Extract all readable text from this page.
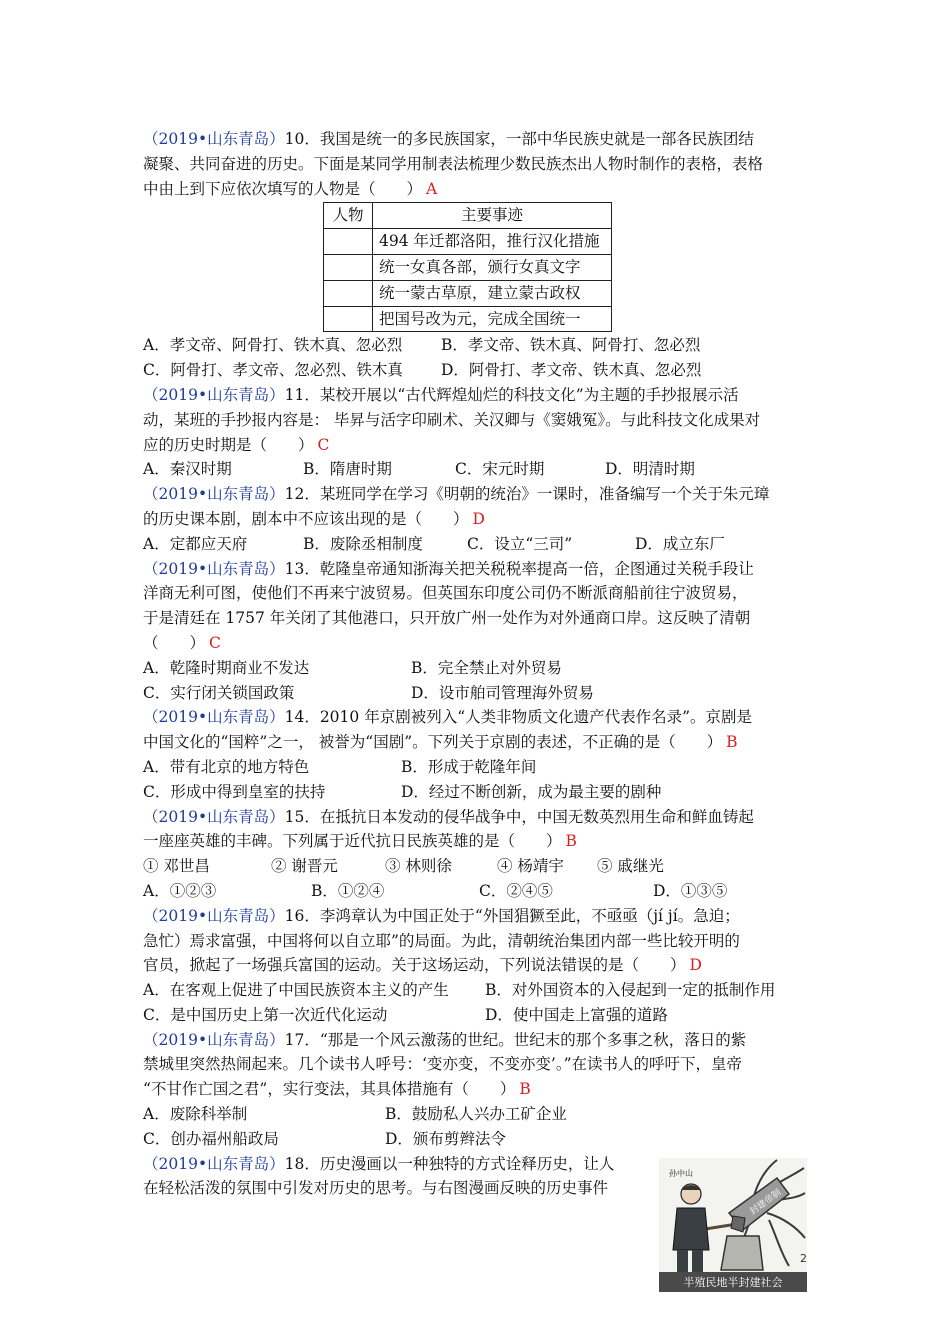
（2019•山东青岛）10．我国是统一的多民族国家，一部中华民族史就是一部各民族团结
凝聚、共同奋进的历史。下面是某同学用制表法梳理少数民族杰出人物时制作的表格，表格
中由上到下应依次填写的人物是（　　） A
人物	主要事迹
	494 年迁都洛阳，推行汉化措施
	统一女真各部，颁行女真文字
	统一蒙古草原，建立蒙古政权
	把国号改为元，完成全国统一
A．孝文帝、阿骨打、铁木真、忽必烈	B．孝文帝、铁木真、阿骨打、忽必烈
C．阿骨打、孝文帝、忽必烈、铁木真 D．阿骨打、孝文帝、铁木真、忽必烈
（2019•山东青岛）11．某校开展以“古代辉煌灿烂的科技文化”为主题的手抄报展示活
动，某班的手抄报内容是： 毕昇与活字印刷术、关汉卿与《窦娥冤》。与此科技文化成果对
应的历史时期是（　　） C
A．秦汉时期	B．隋唐时期	C．宋元时期	D．明清时期
（2019•山东青岛）12．某班同学在学习《明朝的统治》一课时，准备编写一个关于朱元璋
的历史课本剧，剧本中不应该出现的是（　　） D
A．定都应天府	B．废除丞相制度	C．设立“三司”	D．成立东厂
（2019•山东青岛）13．乾隆皇帝通知浙海关把关税税率提高一倍，企图通过关税手段让
洋商无利可图，使他们不再来宁波贸易。但英国东印度公司仍不断派商船前往宁波贸易，
于是清廷在 1757 年关闭了其他港口，只开放广州一处作为对外通商口岸。这反映了清朝
（　　） C
A．乾隆时期商业不发达	B．完全禁止对外贸易
C．实行闭关锁国政策	D．设市舶司管理海外贸易
（2019•山东青岛）14．2010 年京剧被列入“人类非物质文化遗产代表作名录”。京剧是
中国文化的“国粹”之一， 被誉为“国剧”。下列关于京剧的表述，不正确的是（　　） B
A．带有北京的地方特色	B．形成于乾隆年间
C．形成中得到皇室的扶持	D．经过不断创新，成为最主要的剧种
（2019•山东青岛）15．在抵抗日本发动的侵华战争中，中国无数英烈用生命和鲜血铸起
一座座英雄的丰碑。下列属于近代抗日民族英雄的是（　　） B
① 邓世昌	② 谢晋元	③ 林则徐	④ 杨靖宇 ⑤ 戚继光
A．①②③	B．①②④	C．②④⑤	D．①③⑤
（2019•山东青岛）16．李鸿章认为中国正处于“外国猖獗至此，不亟亟（jí jí。急迫；
急忙）焉求富强，中国将何以自立耶”的局面。为此，清朝统治集团内部一些比较开明的
官员，掀起了一场强兵富国的运动。关于这场运动，下列说法错误的是（　　） D
A．在客观上促进了中国民族资本主义的产生 B．对外国资本的入侵起到一定的抵制作用
C．是中国历史上第一次近代化运动	D．使中国走上富强的道路
（2019•山东青岛）17．“那是一个风云激荡的世纪。世纪末的那个多事之秋，落日的紫
禁城里突然热闹起来。几个读书人呼号：‘变亦变，不变亦变’。”在读书人的呼吁下，皇帝
“不甘作亡国之君”，实行变法，其具体措施有（　　） B
A．废除科举制	B．鼓励私人兴办工矿企业
C．创办福州船政局	D．颁布剪辫法令
（2019•山东青岛）18．历史漫画以一种独特的方式诠释历史，让人
在轻松活泼的氛围中引发对历史的思考。与右图漫画反映的历史事件	封建帝制
孙中山
半殖民地半封建社会
2
